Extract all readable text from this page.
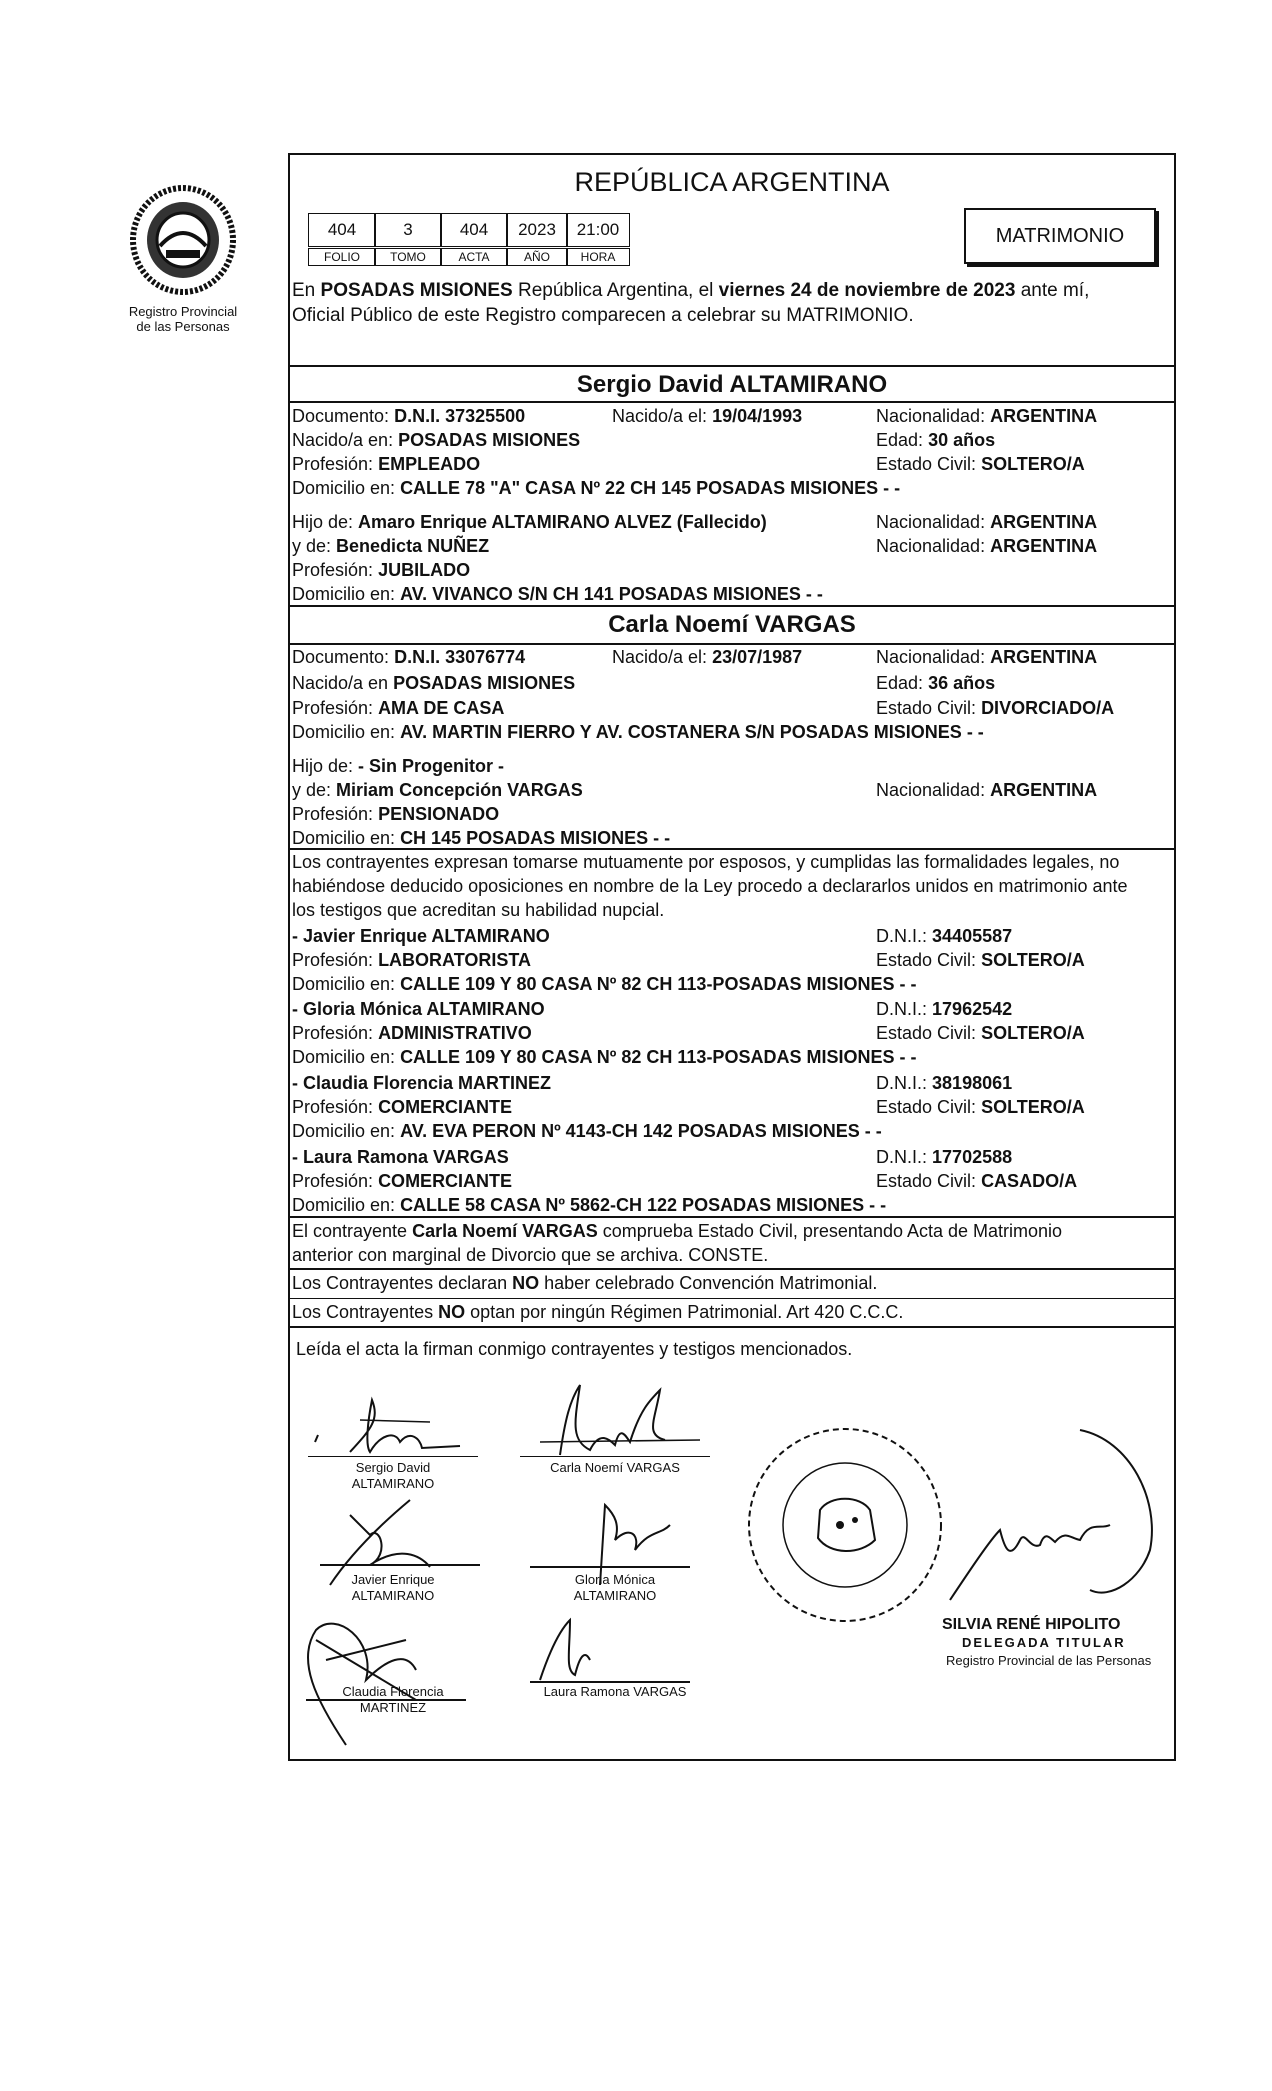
Registro Provincial
de las Personas
REPÚBLICA ARGENTINA
404	3	404	2023	21:00
FOLIO	TOMO	ACTA	AÑO	HORA
MATRIMONIO
En POSADAS MISIONES República Argentina, el viernes 24 de noviembre de 2023 ante mí,
Oficial Público de este Registro comparecen a celebrar su MATRIMONIO.
Sergio David ALTAMIRANO
Documento: D.N.I. 37325500	Nacido/a el: 19/04/1993	Nacionalidad: ARGENTINA
Nacido/a en: POSADAS MISIONES	Edad: 30 años
Profesión: EMPLEADO	Estado Civil: SOLTERO/A
Domicilio en: CALLE 78 "A" CASA Nº 22 CH 145 POSADAS MISIONES - -
Hijo de: Amaro Enrique ALTAMIRANO ALVEZ (Fallecido)	Nacionalidad: ARGENTINA
y de: Benedicta NUÑEZ	Nacionalidad: ARGENTINA
Profesión: JUBILADO
Domicilio en: AV. VIVANCO S/N CH 141 POSADAS MISIONES - -
Carla Noemí VARGAS
Documento: D.N.I. 33076774	Nacido/a el: 23/07/1987	Nacionalidad: ARGENTINA
Nacido/a en POSADAS MISIONES	Edad: 36 años
Profesión: AMA DE CASA	Estado Civil: DIVORCIADO/A
Domicilio en: AV. MARTIN FIERRO Y AV. COSTANERA S/N POSADAS MISIONES - -
Hijo de: - Sin Progenitor -
y de: Miriam Concepción VARGAS	Nacionalidad: ARGENTINA
Profesión: PENSIONADO
Domicilio en: CH 145 POSADAS MISIONES - -
Los contrayentes expresan tomarse mutuamente por esposos, y cumplidas las formalidades legales, no
habiéndose deducido oposiciones en nombre de la Ley procedo a declararlos unidos en matrimonio ante
los testigos que acreditan su habilidad nupcial.
- Javier Enrique ALTAMIRANO	D.N.I.: 34405587
Profesión: LABORATORISTA	Estado Civil: SOLTERO/A
Domicilio en: CALLE 109 Y 80 CASA Nº 82 CH 113-POSADAS MISIONES - -
- Gloria Mónica ALTAMIRANO	D.N.I.: 17962542
Profesión: ADMINISTRATIVO	Estado Civil: SOLTERO/A
Domicilio en: CALLE 109 Y 80 CASA Nº 82 CH 113-POSADAS MISIONES - -
- Claudia Florencia MARTINEZ	D.N.I.: 38198061
Profesión: COMERCIANTE	Estado Civil: SOLTERO/A
Domicilio en: AV. EVA PERON Nº 4143-CH 142 POSADAS MISIONES - -
- Laura Ramona VARGAS	D.N.I.: 17702588
Profesión: COMERCIANTE	Estado Civil: CASADO/A
Domicilio en: CALLE 58 CASA Nº 5862-CH 122 POSADAS MISIONES - -
El contrayente Carla Noemí VARGAS comprueba Estado Civil, presentando Acta de Matrimonio
anterior con marginal de Divorcio que se archiva. CONSTE.
Los Contrayentes declaran NO haber celebrado Convención Matrimonial.
Los Contrayentes NO optan por ningún Régimen Patrimonial. Art 420 C.C.C.
Leída el acta la firman conmigo contrayentes y testigos mencionados.
Sergio David
ALTAMIRANO
Carla Noemí VARGAS
Javier Enrique
ALTAMIRANO
Gloria Mónica
ALTAMIRANO
Claudia Florencia
MARTINEZ
Laura Ramona VARGAS
SILVIA RENÉ HIPOLITO
DELEGADA TITULAR
Registro Provincial de las Personas
